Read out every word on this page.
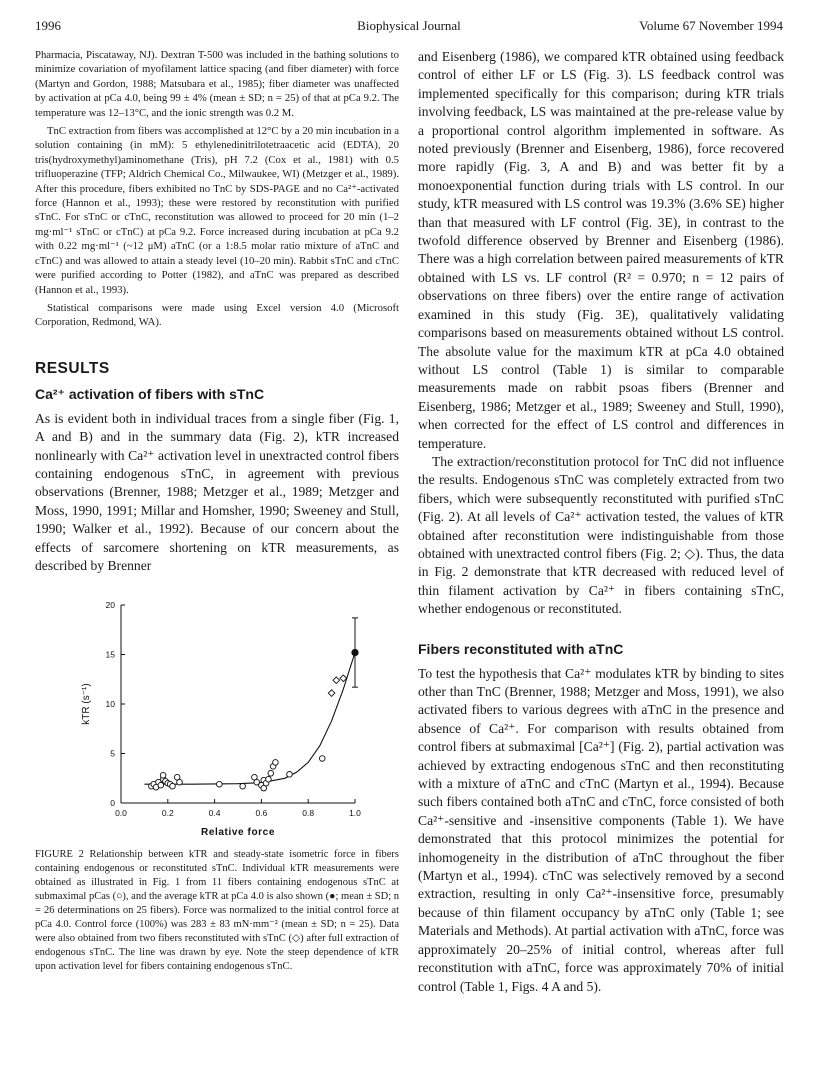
1996	Biophysical Journal	Volume 67 November 1994

Pharmacia, Piscataway, NJ). Dextran T-500 was included in the bathing solutions to minimize covariation of myofilament lattice spacing (and fiber diameter) with force (Martyn and Gordon, 1988; Matsubara et al., 1985); fiber diameter was unaffected by activation at pCa 4.0, being 99 ± 4% (mean ± SD; n = 25) of that at pCa 9.2. The temperature was 12–13°C, and the ionic strength was 0.2 M.

TnC extraction from fibers was accomplished at 12°C by a 20 min incubation in a solution containing (in mM): 5 ethylenedinitrilotetraacetic acid (EDTA), 20 tris(hydroxymethyl)aminomethane (Tris), pH 7.2 (Cox et al., 1981) with 0.5 trifluoperazine (TFP; Aldrich Chemical Co., Milwaukee, WI) (Metzger et al., 1989). After this procedure, fibers exhibited no TnC by SDS-PAGE and no Ca²⁺-activated force (Hannon et al., 1993); these were restored by reconstitution with purified sTnC. For sTnC or cTnC, reconstitution was allowed to proceed for 20 min (1–2 mg·ml⁻¹ sTnC or cTnC) at pCa 9.2. Force increased during incubation at pCa 9.2 with 0.22 mg·ml⁻¹ (~12 μM) aTnC (or a 1:8.5 molar ratio mixture of aTnC and cTnC) and was allowed to attain a steady level (10–20 min). Rabbit sTnC and cTnC were purified according to Potter (1982), and aTnC was prepared as described (Hannon et al., 1993).

Statistical comparisons were made using Excel version 4.0 (Microsoft Corporation, Redmond, WA).

RESULTS
Ca²⁺ activation of fibers with sTnC

As is evident both in individual traces from a single fiber (Fig. 1, A and B) and in the summary data (Fig. 2), kTR increased nonlinearly with Ca²⁺ activation level in unextracted control fibers containing endogenous sTnC, in agreement with previous observations (Brenner, 1988; Metzger et al., 1989; Metzger and Moss, 1990, 1991; Millar and Homsher, 1990; Sweeney and Stull, 1990; Walker et al., 1992). Because of our concern about the effects of sarcomere shortening on kTR measurements, as described by Brenner

0.0	0.2	0.4	0.6	0.8	1.0
0
5
10
15
20
Relative force
kTR (s⁻¹)

FIGURE 2 Relationship between kTR and steady-state isometric force in fibers containing endogenous or reconstituted sTnC. Individual kTR measurements were obtained as illustrated in Fig. 1 from 11 fibers containing endogenous sTnC at submaximal pCas (○), and the average kTR at pCa 4.0 is also shown (●; mean ± SD; n = 26 determinations on 25 fibers). Force was normalized to the initial control force at pCa 4.0. Control force (100%) was 283 ± 83 mN·mm⁻² (mean ± SD; n = 25). Data were also obtained from two fibers reconstituted with sTnC (◇) after full extraction of endogenous sTnC. The line was drawn by eye. Note the steep dependence of kTR upon activation level for fibers containing endogenous sTnC.

and Eisenberg (1986), we compared kTR obtained using feedback control of either LF or LS (Fig. 3). LS feedback control was implemented specifically for this comparison; during kTR trials involving feedback, LS was maintained at the pre-release value by a proportional control algorithm implemented in software. As noted previously (Brenner and Eisenberg, 1986), force recovered more rapidly (Fig. 3, A and B) and was better fit by a monoexponential function during trials with LS control. In our study, kTR measured with LS control was 19.3% (3.6% SE) higher than that measured with LF control (Fig. 3E), in contrast to the twofold difference observed by Brenner and Eisenberg (1986). There was a high correlation between paired measurements of kTR obtained with LS vs. LF control (R² = 0.970; n = 12 pairs of observations on three fibers) over the entire range of activation examined in this study (Fig. 3E), qualitatively validating comparisons based on measurements obtained without LS control. The absolute value for the maximum kTR at pCa 4.0 obtained without LS control (Table 1) is similar to comparable measurements made on rabbit psoas fibers (Brenner and Eisenberg, 1986; Metzger et al., 1989; Sweeney and Stull, 1990), when corrected for the effect of LS control and differences in temperature.

The extraction/reconstitution protocol for TnC did not influence the results. Endogenous sTnC was completely extracted from two fibers, which were subsequently reconstituted with purified sTnC (Fig. 2). At all levels of Ca²⁺ activation tested, the values of kTR obtained after reconstitution were indistinguishable from those obtained with unextracted control fibers (Fig. 2; ◇). Thus, the data in Fig. 2 demonstrate that kTR decreased with reduced level of thin filament activation by Ca²⁺ in fibers containing sTnC, whether endogenous or reconstituted.

Fibers reconstituted with aTnC

To test the hypothesis that Ca²⁺ modulates kTR by binding to sites other than TnC (Brenner, 1988; Metzger and Moss, 1991), we also activated fibers to various degrees with aTnC in the presence and absence of Ca²⁺. For comparison with results obtained from control fibers at submaximal [Ca²⁺] (Fig. 2), partial activation was achieved by extracting endogenous sTnC and then reconstituting with a mixture of aTnC and cTnC (Martyn et al., 1994). Because such fibers contained both aTnC and cTnC, force consisted of both Ca²⁺-sensitive and -insensitive components (Table 1). We have demonstrated that this protocol minimizes the potential for inhomogeneity in the distribution of aTnC throughout the fiber (Martyn et al., 1994). cTnC was selectively removed by a second extraction, resulting in only Ca²⁺-insensitive force, presumably because of thin filament occupancy by aTnC only (Table 1; see Materials and Methods). At partial activation with aTnC, force was approximately 20–25% of initial control, whereas after full reconstitution with aTnC, force was approximately 70% of initial control (Table 1, Figs. 4 A and 5).
